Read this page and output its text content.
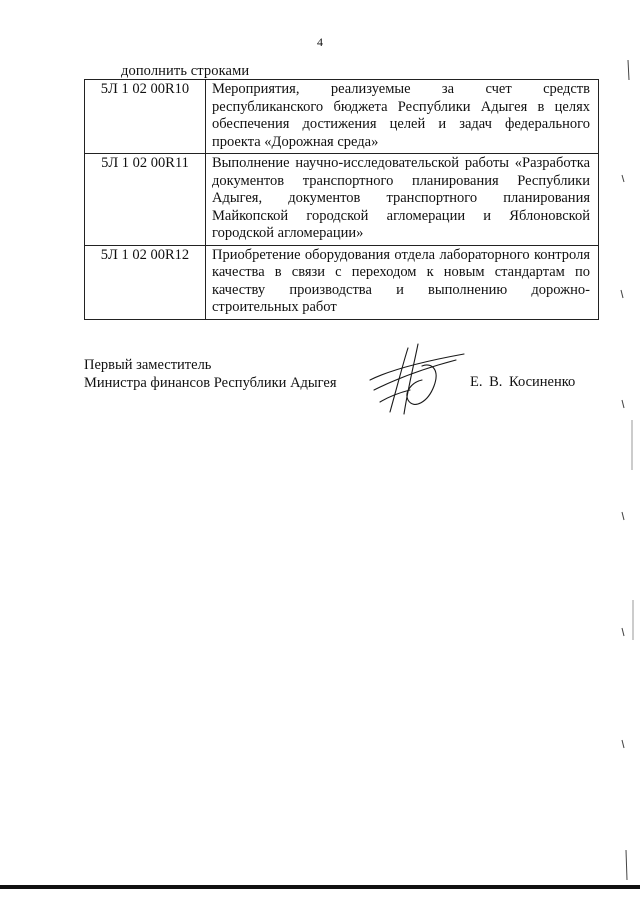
4
дополнить строками
5Л 1 02 00R10	Мероприятия, реализуемые за счет средств республиканского бюджета Республики Адыгея в целях обеспечения достижения целей и задач федерального проекта «Дорожная среда»
5Л 1 02 00R11	Выполнение научно-исследовательской работы «Разработка документов транспортного планирования Республики Адыгея, документов транспортного планирования Майкопской городской агломерации и Яблоновской городской агломерации»
5Л 1 02 00R12	Приобретение оборудования отдела лабораторного контроля качества в связи с переходом к новым стандартам по качеству производства и выполнению дорожно-строительных работ
Первый заместитель
Министра финансов Республики Адыгея	Е. В. Косиненко
